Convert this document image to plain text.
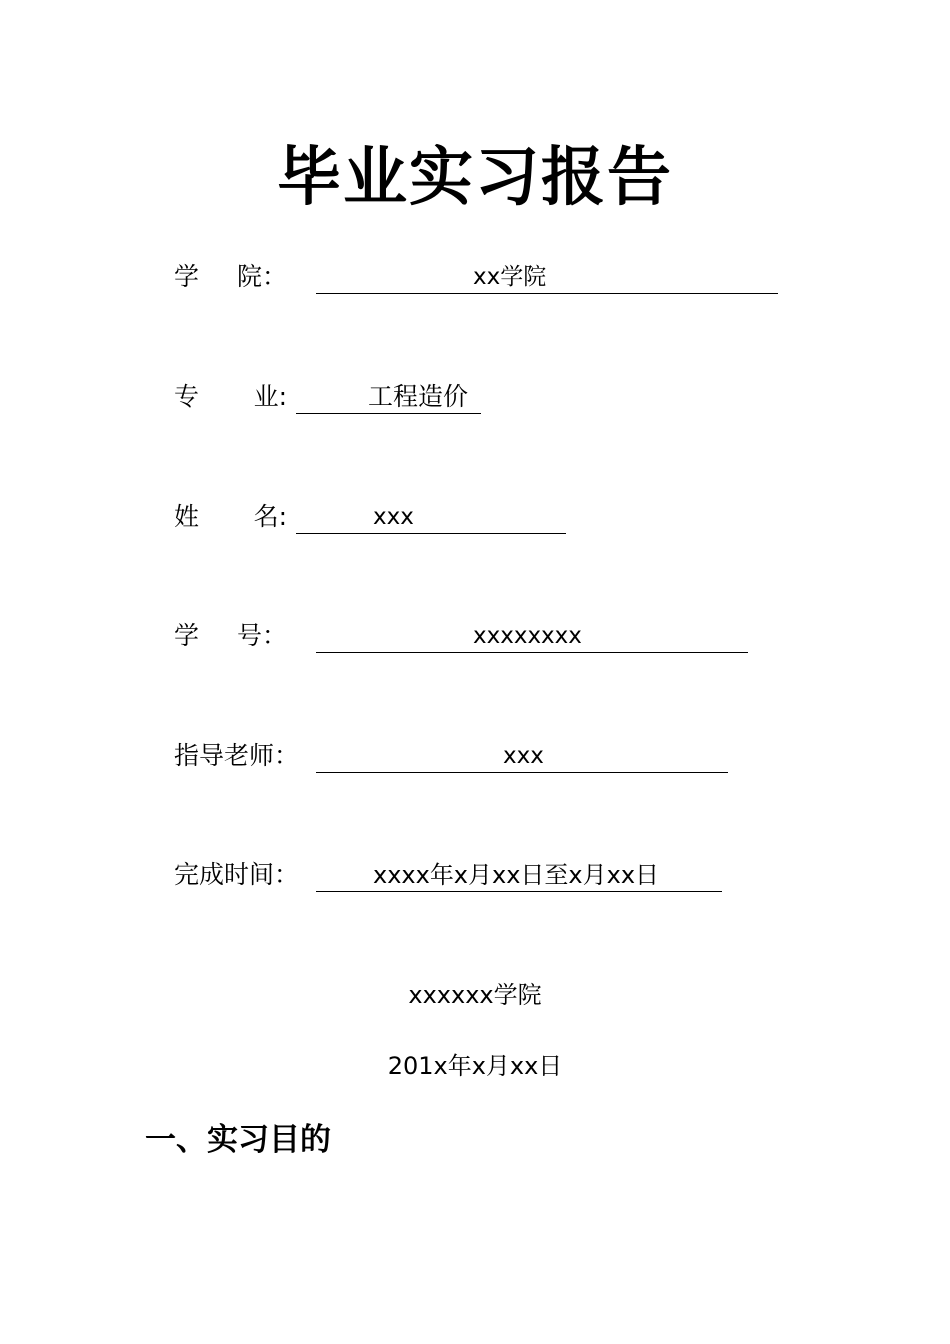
毕业实习报告
学 院：	xx学院
专 业:	工程造价
姓 名:	xxx
学 号：	xxxxxxxx
指导老师：	xxx
完成时间：	xxxx年x月xx日至x月xx日
xxxxxx学院
201x年x月xx日
一、实习目的
